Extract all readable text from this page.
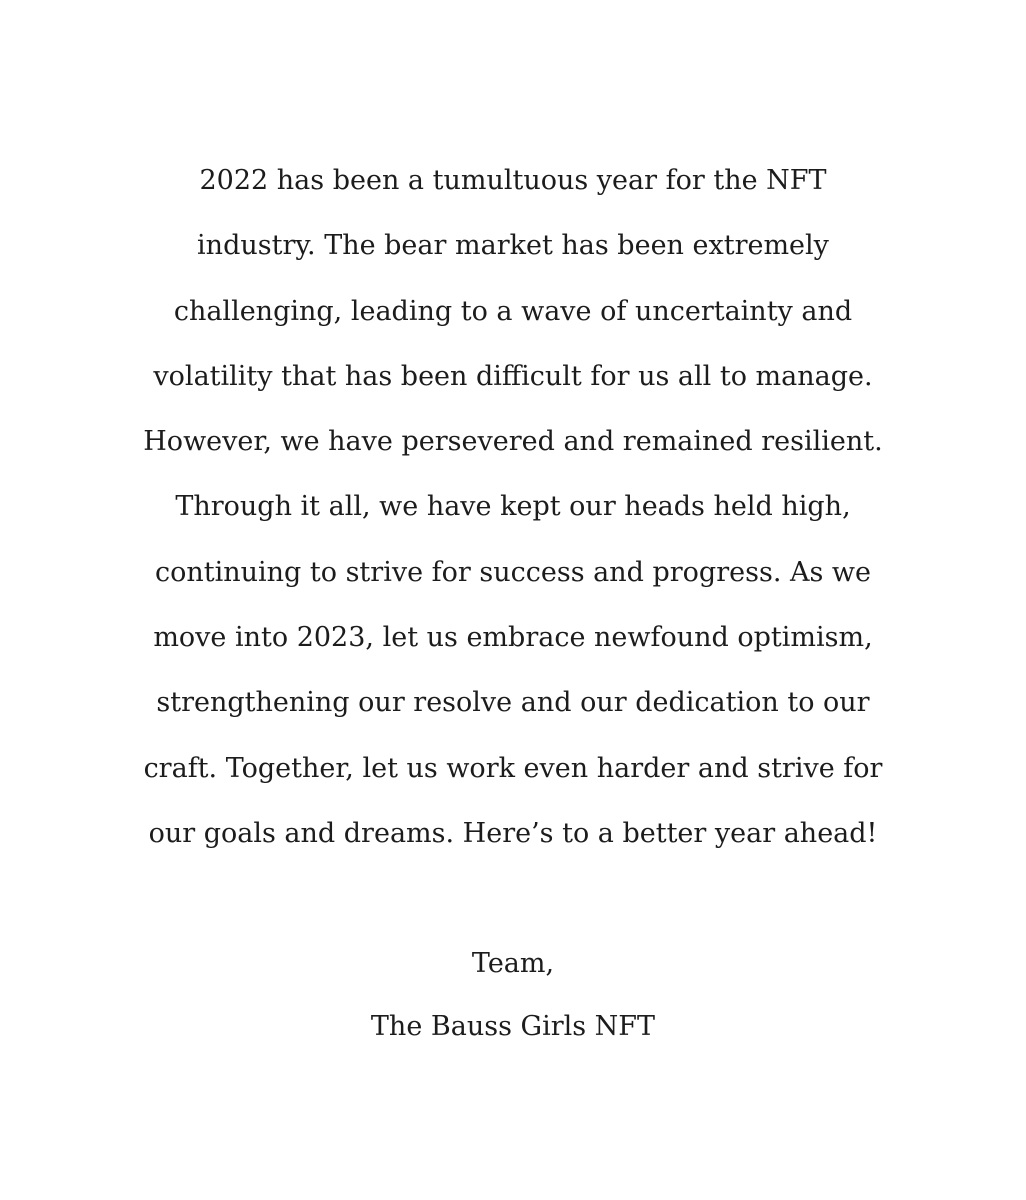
2022 has been a tumultuous year for the NFT
industry. The bear market has been extremely
challenging, leading to a wave of uncertainty and
volatility that has been difficult for us all to manage.
However, we have persevered and remained resilient.
Through it all, we have kept our heads held high,
continuing to strive for success and progress. As we
move into 2023, let us embrace newfound optimism,
strengthening our resolve and our dedication to our
craft. Together, let us work even harder and strive for
our goals and dreams. Here’s to a better year ahead!
Team,
The Bauss Girls NFT
